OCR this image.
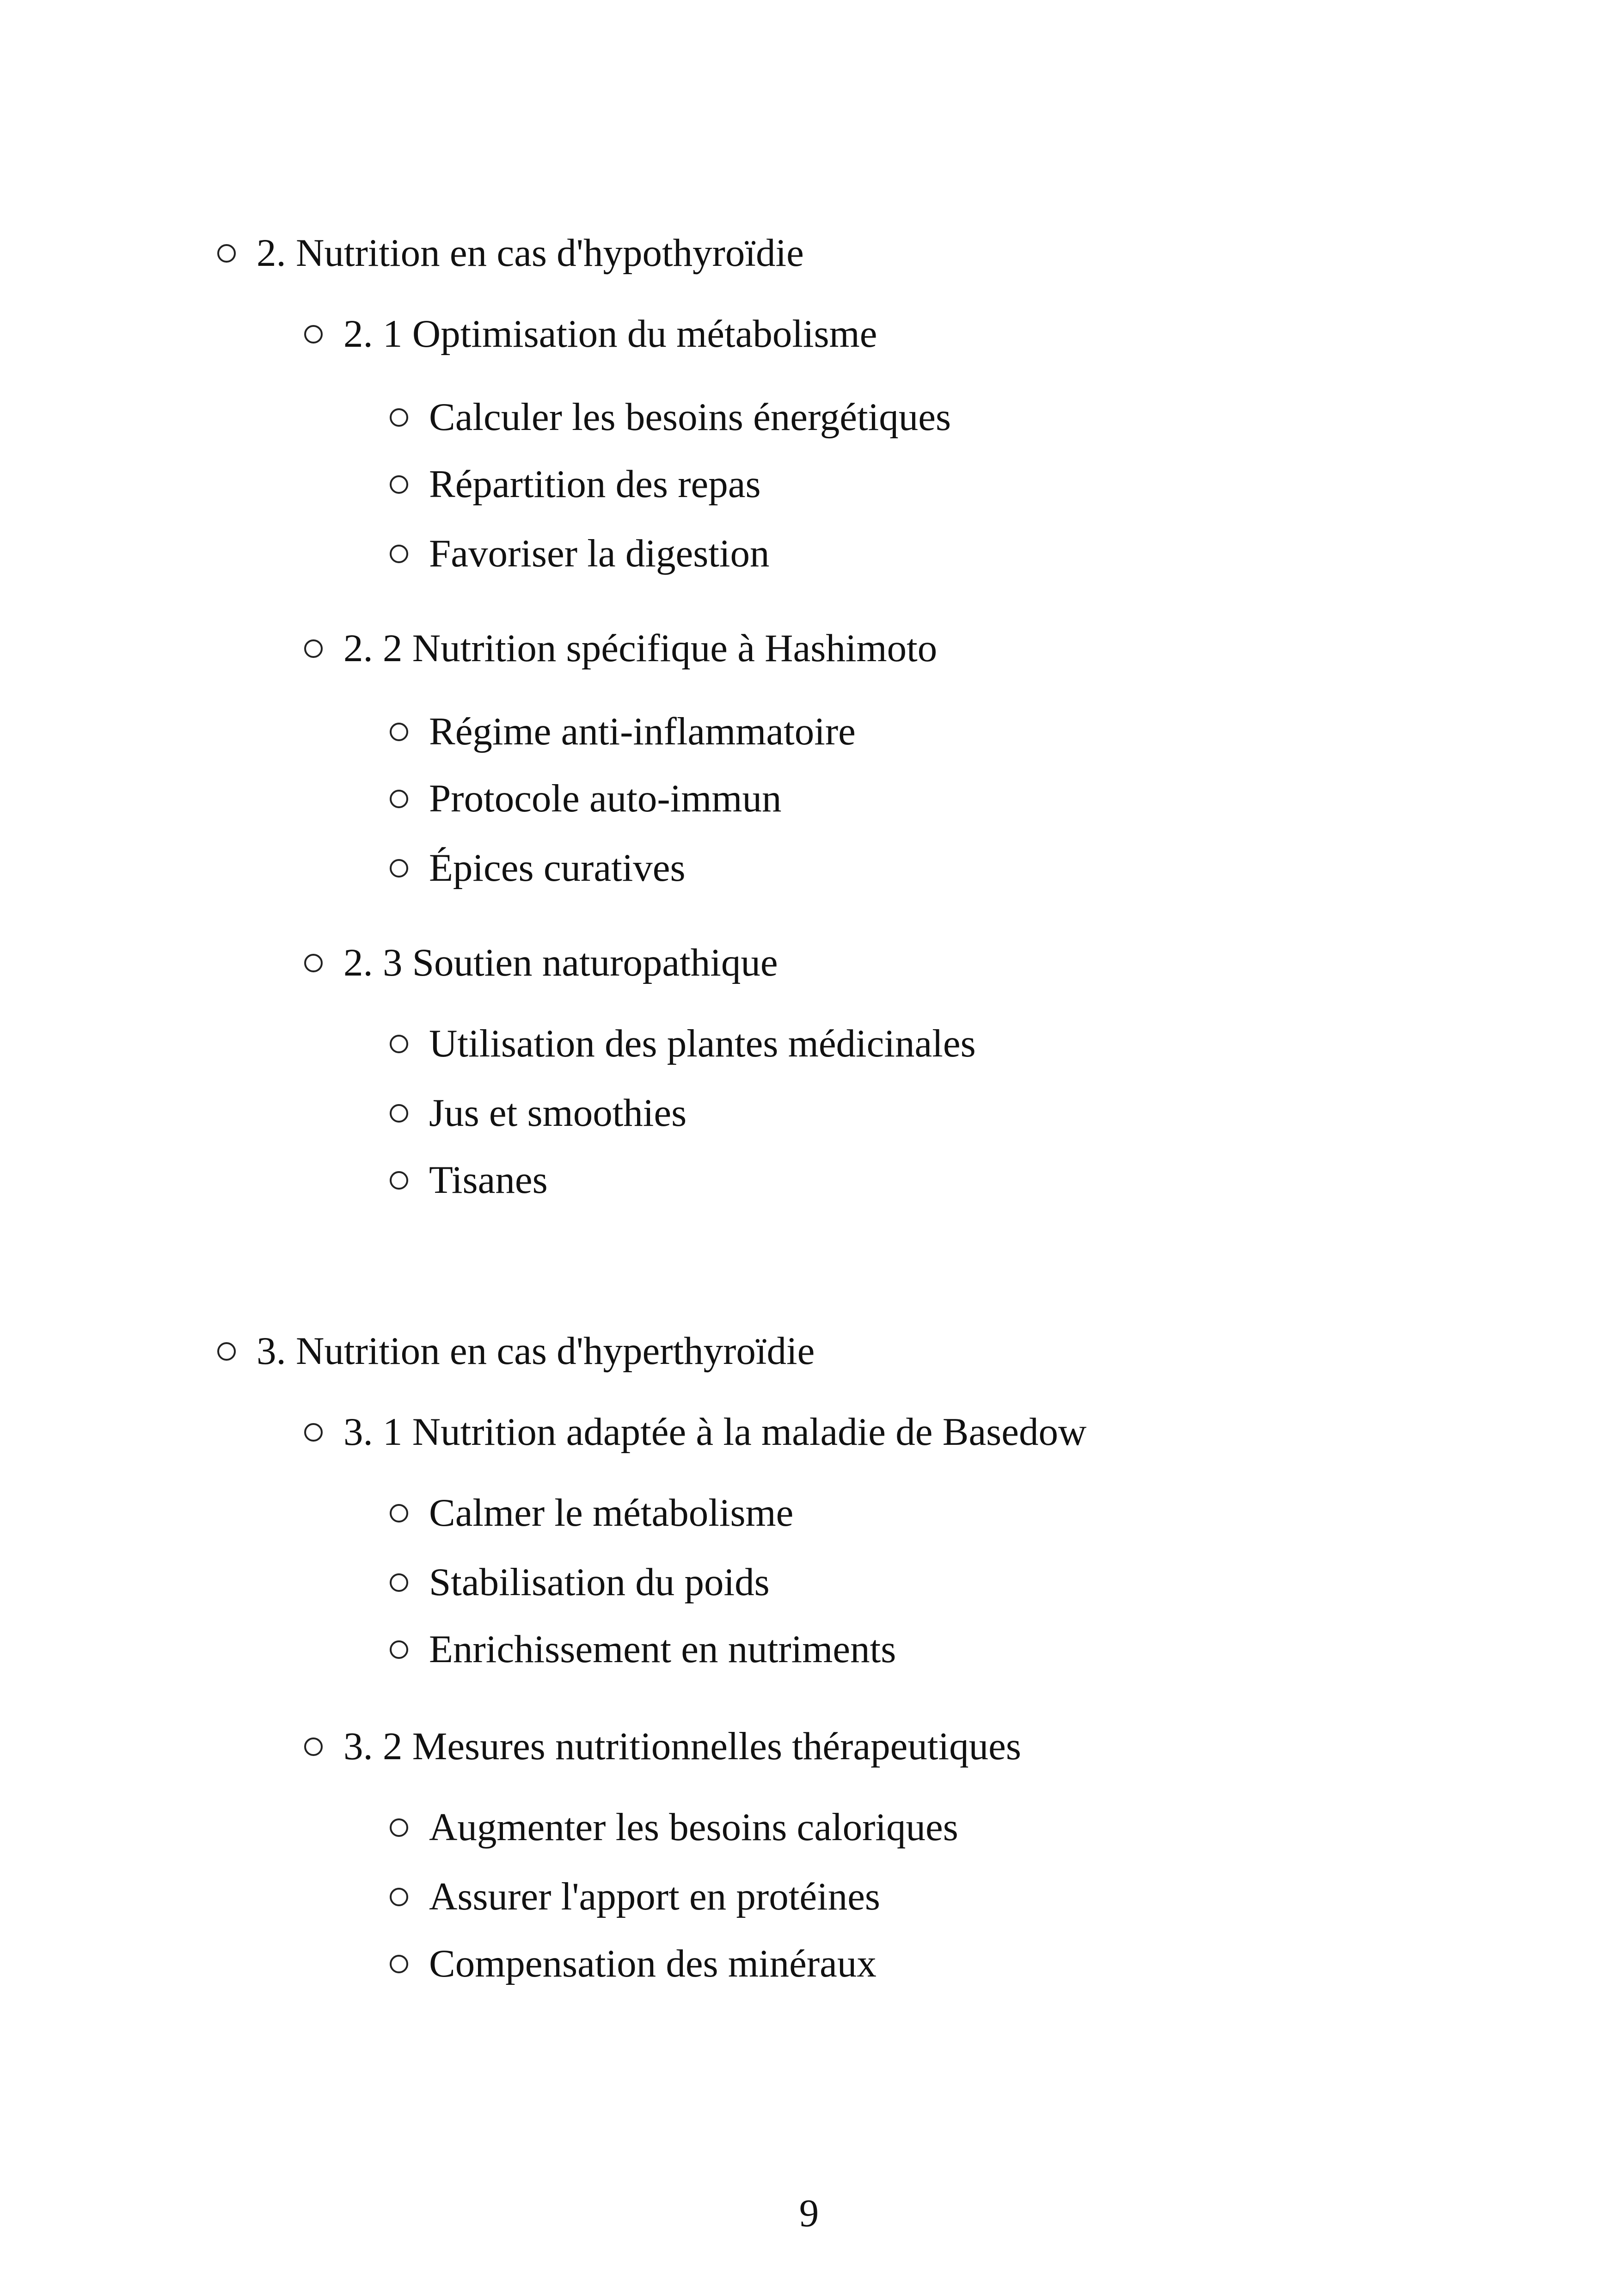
2. Nutrition en cas d'hypothyroïdie
2. 1 Optimisation du métabolisme
Calculer les besoins énergétiques
Répartition des repas
Favoriser la digestion
2. 2 Nutrition spécifique à Hashimoto
Régime anti-inflammatoire
Protocole auto-immun
Épices curatives
2. 3 Soutien naturopathique
Utilisation des plantes médicinales
Jus et smoothies
Tisanes
3. Nutrition en cas d'hyperthyroïdie
3. 1 Nutrition adaptée à la maladie de Basedow
Calmer le métabolisme
Stabilisation du poids
Enrichissement en nutriments
3. 2 Mesures nutritionnelles thérapeutiques
Augmenter les besoins caloriques
Assurer l'apport en protéines
Compensation des minéraux
9
